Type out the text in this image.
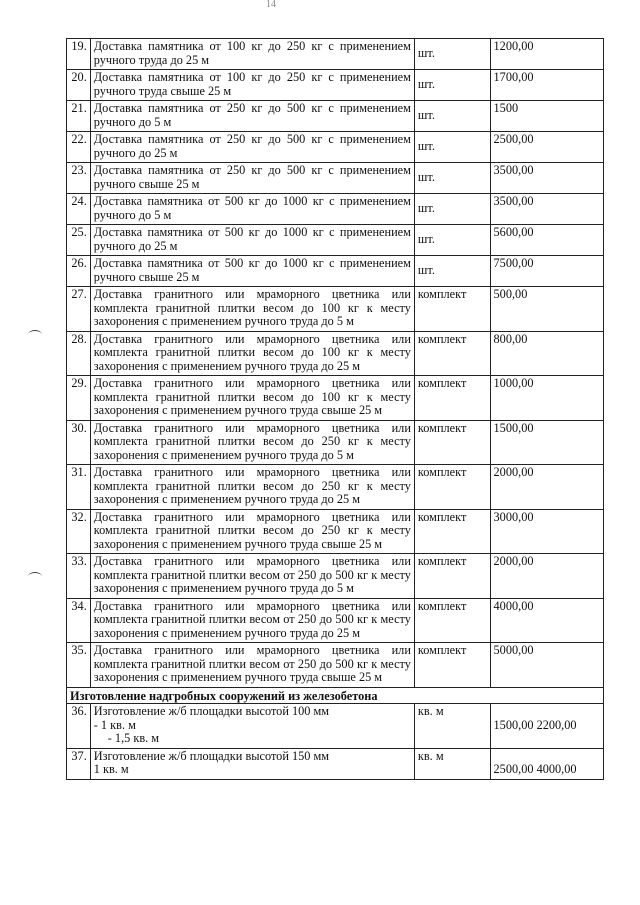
14
19.	Доставка памятника от 100 кг до 250 кг с применением ручного труда до 25 м	шт.	1200,00
20.	Доставка памятника от 100 кг до 250 кг с применением ручного труда свыше 25 м	шт.	1700,00
21.	Доставка памятника от 250 кг до 500 кг с применением ручного до 5 м	шт.	1500
22.	Доставка памятника от 250 кг до 500 кг с применением ручного до 25 м	шт.	2500,00
23.	Доставка памятника от 250 кг до 500 кг с применением ручного свыше 25 м	шт.	3500,00
24.	Доставка памятника от 500 кг до 1000 кг с применением ручного до 5 м	шт.	3500,00
25.	Доставка памятника от 500 кг до 1000 кг с применением ручного до 25 м	шт.	5600,00
26.	Доставка памятника от 500 кг до 1000 кг с применением ручного свыше 25 м	шт.	7500,00
27.	Доставка гранитного или мраморного цветника или комплекта гранитной плитки весом до 100 кг к месту захоронения с применением ручного труда до 5 м	комплект	500,00
28.	Доставка гранитного или мраморного цветника или комплекта гранитной плитки весом до 100 кг к месту захоронения с применением ручного труда до 25 м	комплект	800,00
29.	Доставка гранитного или мраморного цветника или комплекта гранитной плитки весом до 100 кг к месту захоронения с применением ручного труда свыше 25 м	комплект	1000,00
30.	Доставка гранитного или мраморного цветника или комплекта гранитной плитки весом до 250 кг к месту захоронения с применением ручного труда до 5 м	комплект	1500,00
31.	Доставка гранитного или мраморного цветника или комплекта гранитной плитки весом до 250 кг к месту захоронения с применением ручного труда до 25 м	комплект	2000,00
32.	Доставка гранитного или мраморного цветника или комплекта гранитной плитки весом до 250 кг к месту захоронения с применением ручного труда свыше 25 м	комплект	3000,00
33.	Доставка гранитного или мраморного цветника или комплекта гранитной плитки весом от 250 до 500 кг к месту захоронения с применением ручного труда до 5 м	комплект	2000,00
34.	Доставка гранитного или мраморного цветника или комплекта гранитной плитки весом от 250 до 500 кг к месту захоронения с применением ручного труда до 25 м	комплект	4000,00
35.	Доставка гранитного или мраморного цветника или комплекта гранитной плитки весом от 250 до 500 кг к месту захоронения с применением ручного труда свыше 25 м	комплект	5000,00
Изготовление надгробных сооружений из железобетона			
36.	Изготовление ж/б площадки высотой 100 мм
- 1 кв. м
- 1,5 кв. м	кв. м	1500,00 2200,00
37.	Изготовление ж/б площадки высотой 150 мм
1 кв. м	кв. м	2500,00 4000,00
